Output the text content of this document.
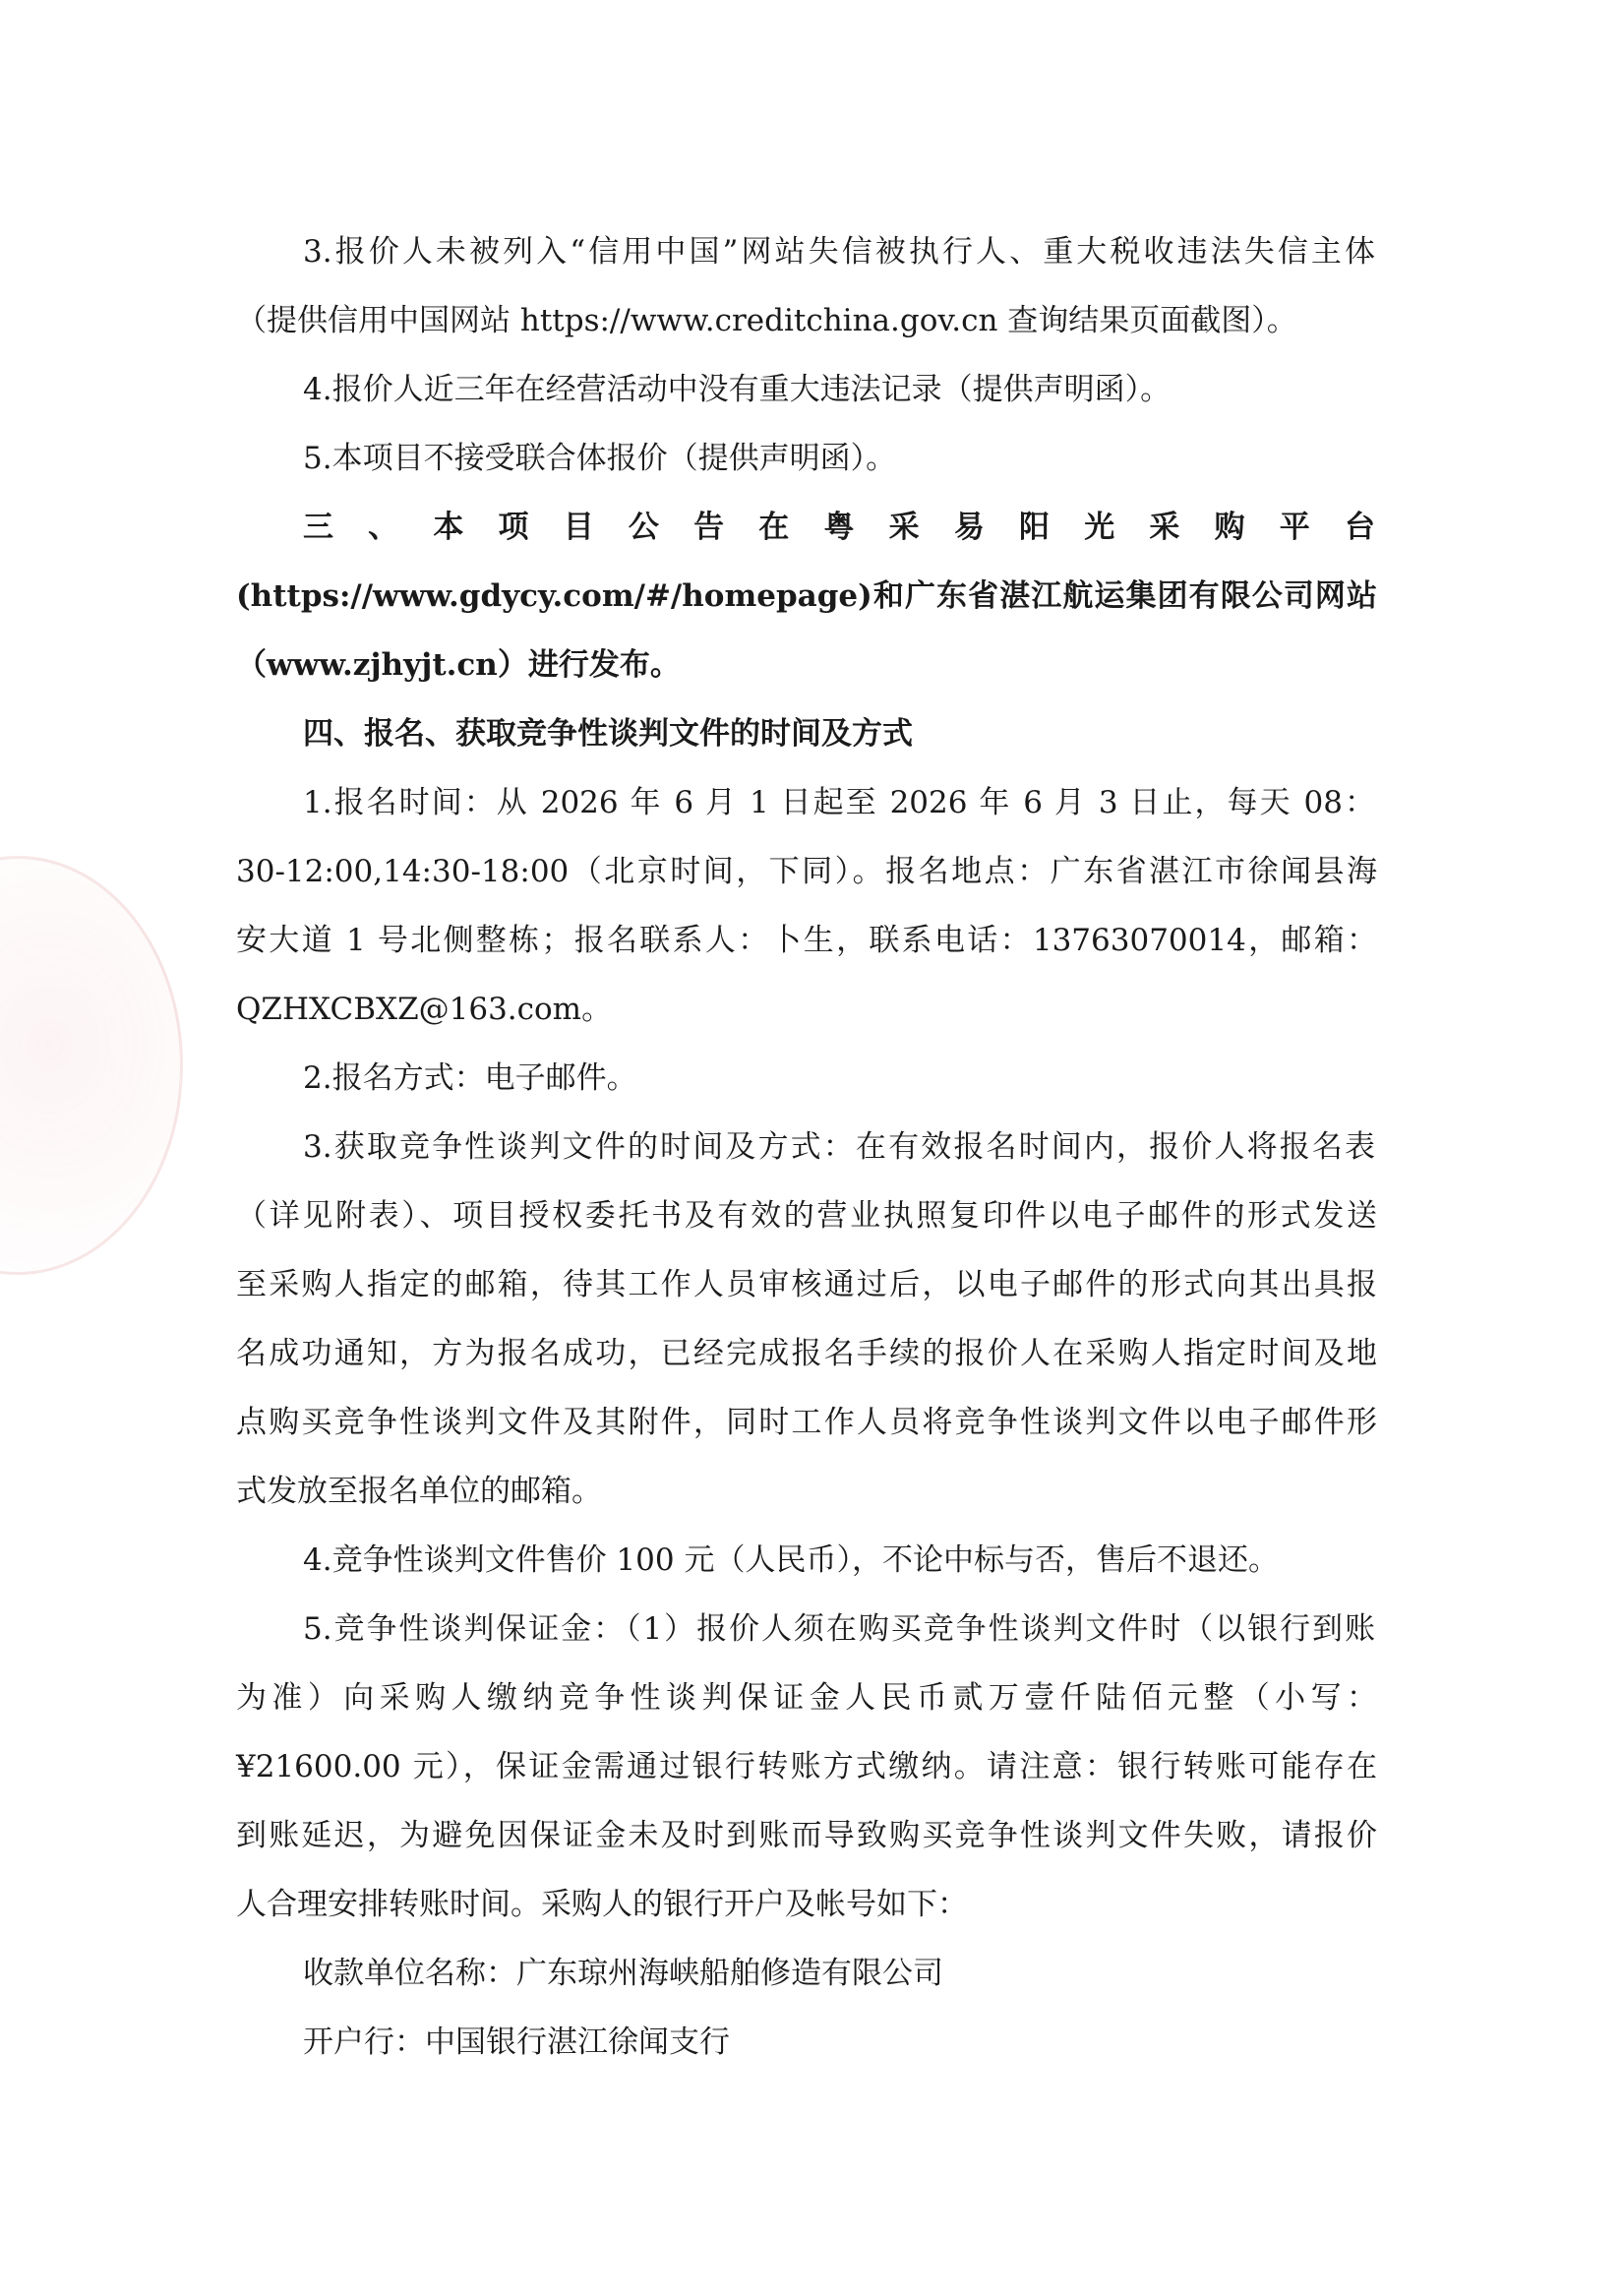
3.报价人未被列入“信用中国”网站失信被执行人、重大税收违法失信主体
（提供信用中国网站 https://www.creditchina.gov.cn 查询结果页面截图）。
4.报价人近三年在经营活动中没有重大违法记录（提供声明函）。
5.本项目不接受联合体报价（提供声明函）。
三、本项目公告在粤采易阳光采购平台
(https://www.gdycy.com/#/homepage)和广东省湛江航运集团有限公司网站
（www.zjhyjt.cn）进行发布。
四、报名、获取竞争性谈判文件的时间及方式
1.报名时间：从 2026 年 6 月 1 日起至 2026 年 6 月 3 日止，每天 08：
30-12:00,14:30-18:00（北京时间，下同）。报名地点：广东省湛江市徐闻县海
安大道 1 号北侧整栋；报名联系人：卜生，联系电话：13763070014，邮箱：
QZHXCBXZ@163.com。
2.报名方式：电子邮件。
3.获取竞争性谈判文件的时间及方式：在有效报名时间内，报价人将报名表
（详见附表）、项目授权委托书及有效的营业执照复印件以电子邮件的形式发送
至采购人指定的邮箱，待其工作人员审核通过后，以电子邮件的形式向其出具报
名成功通知，方为报名成功，已经完成报名手续的报价人在采购人指定时间及地
点购买竞争性谈判文件及其附件，同时工作人员将竞争性谈判文件以电子邮件形
式发放至报名单位的邮箱。
4.竞争性谈判文件售价 100 元（人民币），不论中标与否，售后不退还。
5.竞争性谈判保证金：（1）报价人须在购买竞争性谈判文件时（以银行到账
为准）向采购人缴纳竞争性谈判保证金人民币贰万壹仟陆佰元整（小写：
¥21600.00 元），保证金需通过银行转账方式缴纳。请注意：银行转账可能存在
到账延迟，为避免因保证金未及时到账而导致购买竞争性谈判文件失败，请报价
人合理安排转账时间。采购人的银行开户及帐号如下：
收款单位名称：广东琼州海峡船舶修造有限公司
开户行：中国银行湛江徐闻支行
